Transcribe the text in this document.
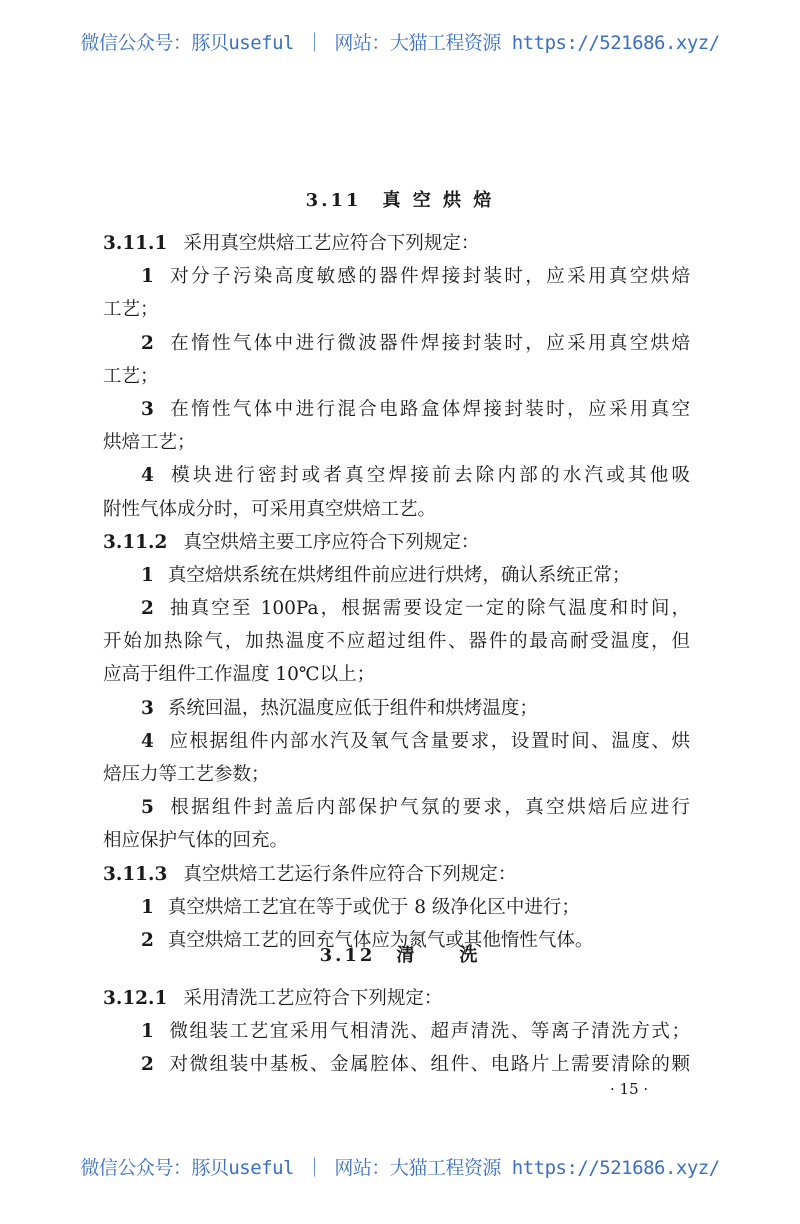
微信公众号：豚贝useful ｜ 网站：大猫工程资源 https://521686.xyz/
3.11　真 空 烘 焙
3.11.1 采用真空烘焙工艺应符合下列规定：
1 对分子污染高度敏感的器件焊接封装时，应采用真空烘焙
工艺；
2 在惰性气体中进行微波器件焊接封装时，应采用真空烘焙
工艺；
3 在惰性气体中进行混合电路盒体焊接封装时，应采用真空
烘焙工艺；
4 模块进行密封或者真空焊接前去除内部的水汽或其他吸
附性气体成分时，可采用真空烘焙工艺。
3.11.2 真空烘焙主要工序应符合下列规定：
1 真空焙烘系统在烘烤组件前应进行烘烤，确认系统正常；
2 抽真空至 100Pa，根据需要设定一定的除气温度和时间，
开始加热除气，加热温度不应超过组件、器件的最高耐受温度，但
应高于组件工作温度 10℃以上；
3 系统回温，热沉温度应低于组件和烘烤温度；
4 应根据组件内部水汽及氧气含量要求，设置时间、温度、烘
焙压力等工艺参数；
5 根据组件封盖后内部保护气氛的要求，真空烘焙后应进行
相应保护气体的回充。
3.11.3 真空烘焙工艺运行条件应符合下列规定：
1 真空烘焙工艺宜在等于或优于 8 级净化区中进行；
2 真空烘焙工艺的回充气体应为氮气或其他惰性气体。
3.12　清　　洗
3.12.1 采用清洗工艺应符合下列规定：
1 微组装工艺宜采用气相清洗、超声清洗、等离子清洗方式；
2 对微组装中基板、金属腔体、组件、电路片上需要清除的颗
· 15 ·
微信公众号：豚贝useful ｜ 网站：大猫工程资源 https://521686.xyz/
